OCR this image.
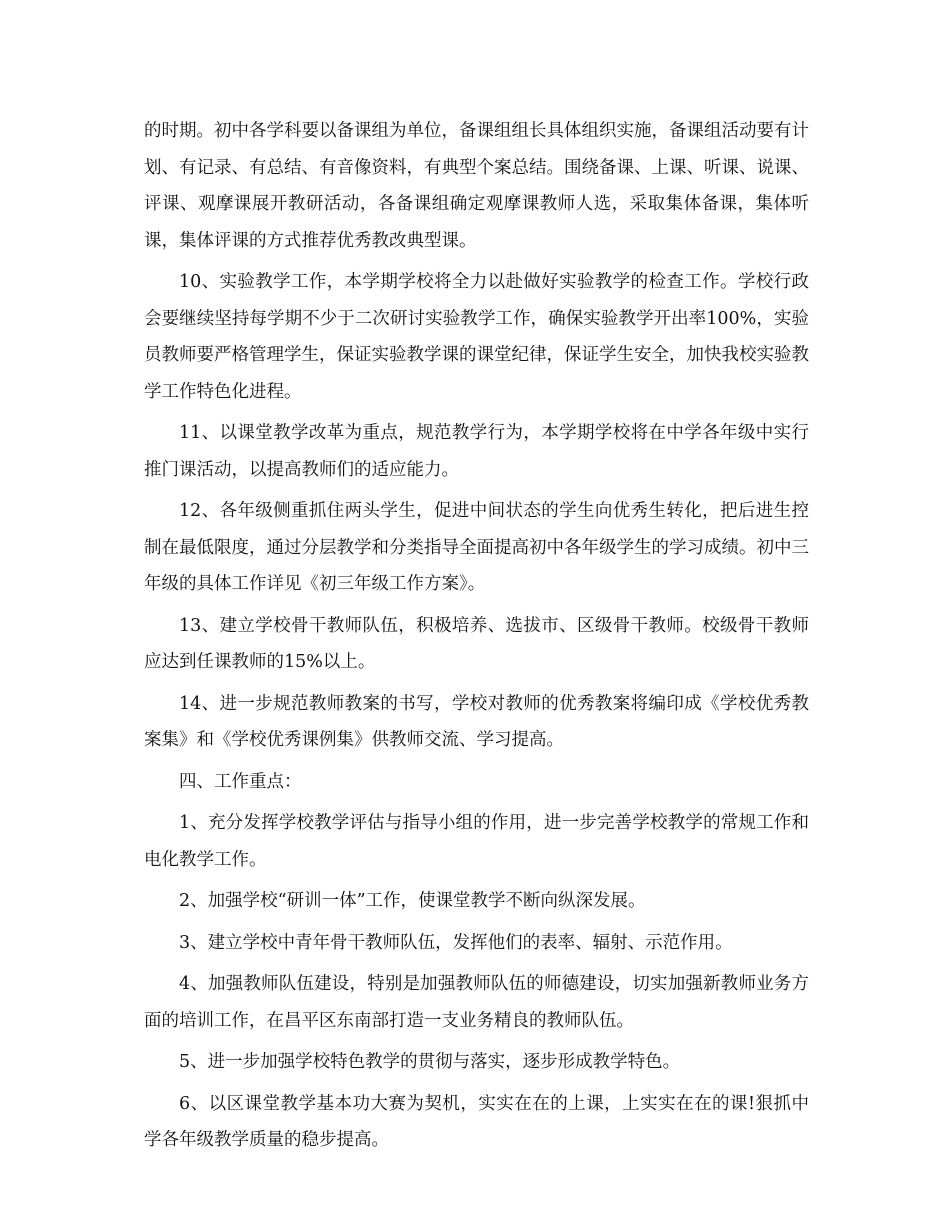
的时期。初中各学科要以备课组为单位，备课组组长具体组织实施，备课组活动要有计划、有记录、有总结、有音像资料，有典型个案总结。围绕备课、上课、听课、说课、评课、观摩课展开教研活动，各备课组确定观摩课教师人选，采取集体备课，集体听课，集体评课的方式推荐优秀教改典型课。

10、实验教学工作，本学期学校将全力以赴做好实验教学的检查工作。学校行政会要继续坚持每学期不少于二次研讨实验教学工作，确保实验教学开出率100%，实验员教师要严格管理学生，保证实验教学课的课堂纪律，保证学生安全，加快我校实验教学工作特色化进程。

11、以课堂教学改革为重点，规范教学行为，本学期学校将在中学各年级中实行推门课活动，以提高教师们的适应能力。

12、各年级侧重抓住两头学生，促进中间状态的学生向优秀生转化，把后进生控制在最低限度，通过分层教学和分类指导全面提高初中各年级学生的学习成绩。初中三年级的具体工作详见《初三年级工作方案》。

13、建立学校骨干教师队伍，积极培养、选拔市、区级骨干教师。校级骨干教师应达到任课教师的15%以上。

14、进一步规范教师教案的书写，学校对教师的优秀教案将编印成《学校优秀教案集》和《学校优秀课例集》供教师交流、学习提高。

四、工作重点：

1、充分发挥学校教学评估与指导小组的作用，进一步完善学校教学的常规工作和电化教学工作。

2、加强学校“研训一体”工作，使课堂教学不断向纵深发展。

3、建立学校中青年骨干教师队伍，发挥他们的表率、辐射、示范作用。

4、加强教师队伍建设，特别是加强教师队伍的师德建设，切实加强新教师业务方面的培训工作，在昌平区东南部打造一支业务精良的教师队伍。

5、进一步加强学校特色教学的贯彻与落实，逐步形成教学特色。

6、以区课堂教学基本功大赛为契机，实实在在的上课，上实实在在的课!狠抓中学各年级教学质量的稳步提高。
